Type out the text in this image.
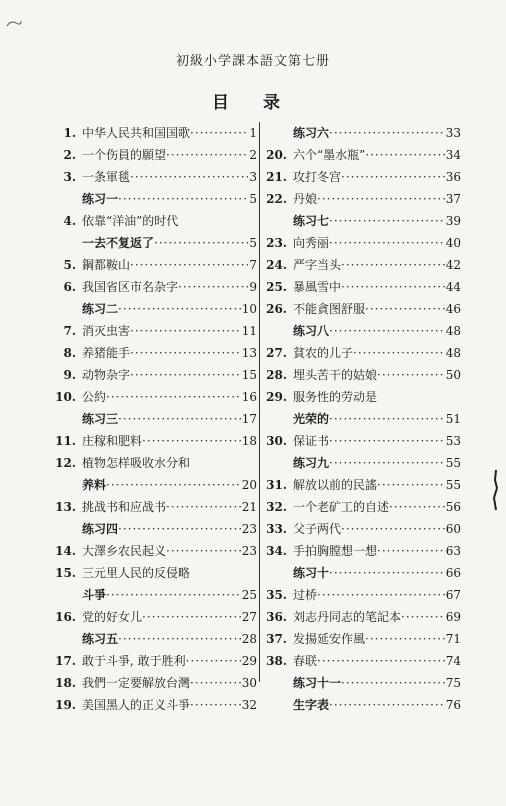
初級小学課本語文第七册
目 录
1. 中华人民共和国国歌 ·····	1
2. 一个伤員的願望 ·····	2
3. 一条軍毯 ·····	3
练习一 ·····	5
4. 依靠“洋油”的时代
一去不复返了 ·····	5
5. 鋼都鞍山 ·····	7
6. 我国省区市名杂字 ·····	9
练习二 ·····	10
7. 消灭虫害 ·····	11
8. 养猪能手 ·····	13
9. 动物杂字 ·····	15
10. 公約 ·····	16
练习三 ·····	17
11. 庄稼和肥料 ·····	18
12. 植物怎样吸收水分和
养料 ·····	20
13. 挑战书和应战书 ·····	21
练习四 ·····	23
14. 大澤乡农民起义 ·····	23
15. 三元里人民的反侵略
斗爭 ·····	25
16. 党的好女儿 ·····	27
练习五 ·····	28
17. 敢于斗爭, 敢于胜利 ·····	29
18. 我們一定要解放台灣 ·····	30
19. 美国黑人的正义斗爭 ·····	32
练习六 ·····	33
20. 六个“墨水瓶” ·····	34
21. 攻打冬宫 ·····	36
22. 丹娘 ·····	37
练习七 ·····	39
23. 向秀丽 ·····	40
24. 严字当头 ·····	42
25. 暴風雪中 ·····	44
26. 不能貪图舒服 ·····	46
练习八 ·····	48
27. 貧农的儿子 ·····	48
28. 埋头苦干的姑娘 ·····	50
29. 服务性的劳动是
光荣的 ·····	51
30. 保证书 ·····	53
练习九 ·····	55
31. 解放以前的民謠 ·····	55
32. 一个老矿工的自述 ·····	56
33. 父子两代 ·····	60
34. 手拍胸膛想一想 ·····	63
练习十 ·····	66
35. 过桥 ·····	67
36. 刘志丹同志的笔記本 ·····	69
37. 发揚延安作風 ·····	71
38. 春联 ·····	74
练习十一 ·····	75
生字表 ·····	76
